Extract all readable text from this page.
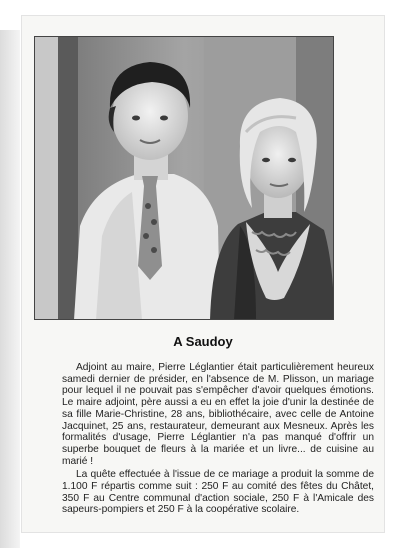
A Saudoy

Adjoint au maire, Pierre Léglantier était particulièrement heureux samedi dernier de présider, en l'absence de M. Plisson, un mariage pour lequel il ne pouvait pas s'empêcher d'avoir quelques émotions. Le maire adjoint, père aussi a eu en effet la joie d'unir la destinée de sa fille Marie-Christine, 28 ans, bibliothécaire, avec celle de Antoine Jacquinet, 25 ans, restaurateur, demeurant aux Mesneux. Après les formalités d'usage, Pierre Léglantier n'a pas manqué d'offrir un superbe bouquet de fleurs à la mariée et un livre... de cuisine au marié !

La quête effectuée à l'issue de ce mariage a produit la somme de 1.100 F répartis comme suit : 250 F au comité des fêtes du Châtet, 350 F au Centre communal d'action sociale, 250 F à l'Amicale des sapeurs-pompiers et 250 F à la coopérative scolaire.
